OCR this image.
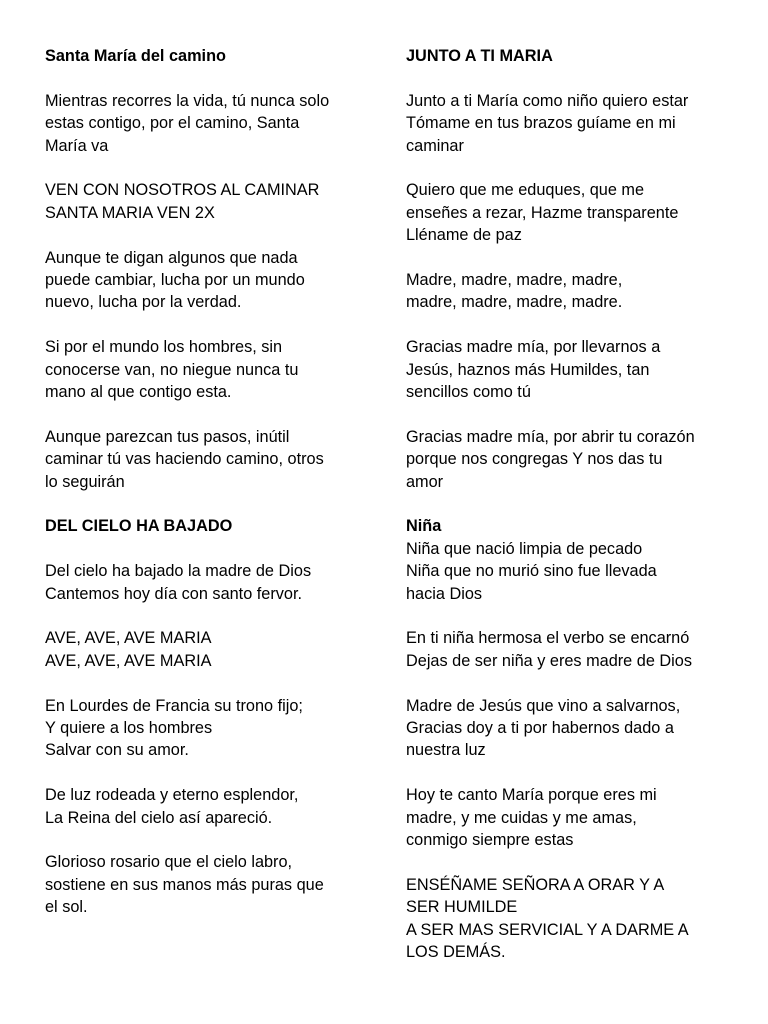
Santa María del camino
Mientras recorres la vida, tú nunca solo
estas contigo, por el camino, Santa
María va
VEN CON NOSOTROS AL CAMINAR
SANTA MARIA VEN 2X
Aunque te digan algunos que nada
puede cambiar, lucha por un mundo
nuevo, lucha por la verdad.
Si por el mundo los hombres, sin
conocerse van, no niegue nunca tu
mano al que contigo esta.
Aunque parezcan tus pasos, inútil
caminar tú vas haciendo camino, otros
lo seguirán
DEL CIELO HA BAJADO
Del cielo ha bajado la madre de Dios
Cantemos hoy día con santo fervor.
AVE, AVE, AVE MARIA
AVE, AVE, AVE MARIA
En Lourdes de Francia su trono fijo;
Y quiere a los hombres
Salvar con su amor.
De luz rodeada y eterno esplendor,
La Reina del cielo así apareció.
Glorioso rosario que el cielo labro,
sostiene en sus manos más puras que
el sol.
JUNTO A TI MARIA
Junto a ti María como niño quiero estar
Tómame en tus brazos guíame en mi
caminar
Quiero que me eduques, que me
enseñes a rezar, Hazme transparente
Lléname de paz
Madre, madre, madre, madre,
madre, madre, madre, madre.
Gracias madre mía, por llevarnos a
Jesús, haznos más Humildes, tan
sencillos como tú
Gracias madre mía, por abrir tu corazón
porque nos congregas Y nos das tu
amor
Niña
Niña que nació limpia de pecado
Niña que no murió sino fue llevada
hacia Dios
En ti niña hermosa el verbo se encarnó
Dejas de ser niña y eres madre de Dios
Madre de Jesús que vino a salvarnos,
Gracias doy a ti por habernos dado a
nuestra luz
Hoy te canto María porque eres mi
madre, y me cuidas y me amas,
conmigo siempre estas
ENSÉÑAME SEÑORA A ORAR Y A
SER HUMILDE
A SER MAS SERVICIAL Y A DARME A
LOS DEMÁS.
